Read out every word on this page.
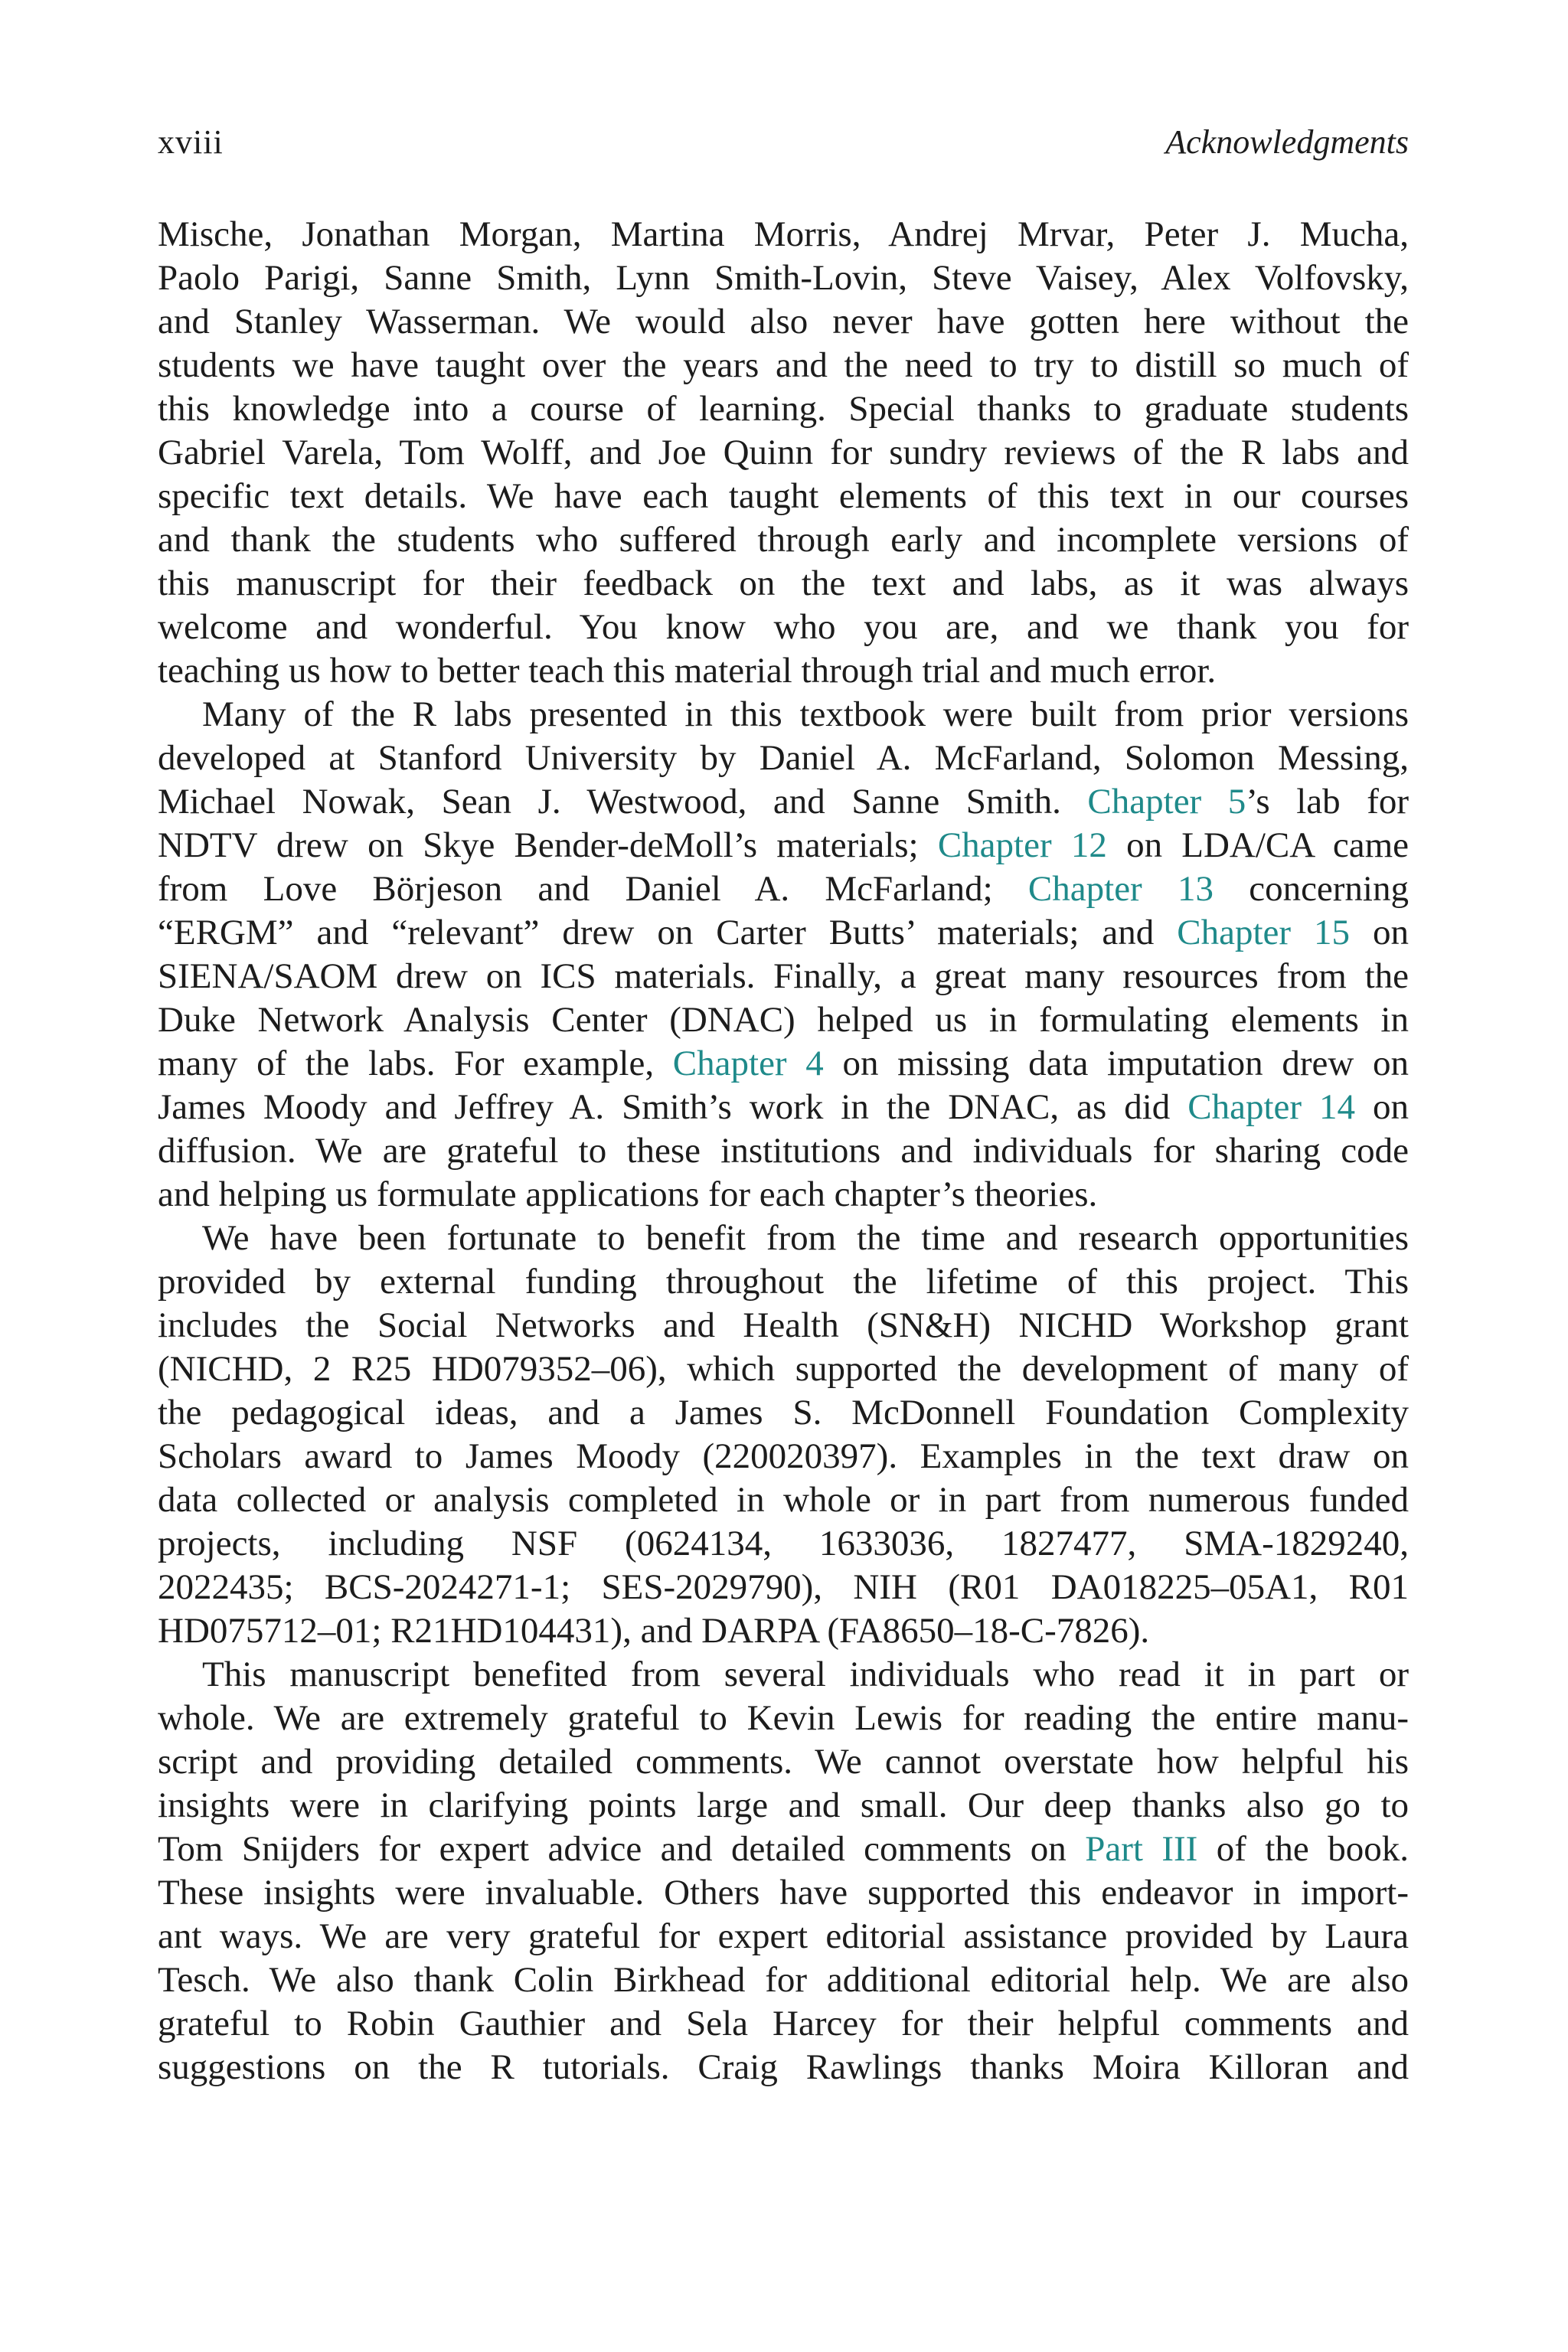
xviii	Acknowledgments

Mische, Jonathan Morgan, Martina Morris, Andrej Mrvar, Peter J. Mucha,
Paolo Parigi, Sanne Smith, Lynn Smith-Lovin, Steve Vaisey, Alex Volfovsky,
and Stanley Wasserman. We would also never have gotten here without the
students we have taught over the years and the need to try to distill so much of
this knowledge into a course of learning. Special thanks to graduate students
Gabriel Varela, Tom Wolff, and Joe Quinn for sundry reviews of the R labs and
specific text details. We have each taught elements of this text in our courses
and thank the students who suffered through early and incomplete versions of
this manuscript for their feedback on the text and labs, as it was always
welcome and wonderful. You know who you are, and we thank you for
teaching us how to better teach this material through trial and much error.

Many of the R labs presented in this textbook were built from prior versions
developed at Stanford University by Daniel A. McFarland, Solomon Messing,
Michael Nowak, Sean J. Westwood, and Sanne Smith. Chapter 5’s lab for
NDTV drew on Skye Bender-deMoll’s materials; Chapter 12 on LDA/CA came
from Love Börjeson and Daniel A. McFarland; Chapter 13 concerning
“ERGM” and “relevant” drew on Carter Butts’ materials; and Chapter 15 on
SIENA/SAOM drew on ICS materials. Finally, a great many resources from the
Duke Network Analysis Center (DNAC) helped us in formulating elements in
many of the labs. For example, Chapter 4 on missing data imputation drew on
James Moody and Jeffrey A. Smith’s work in the DNAC, as did Chapter 14 on
diffusion. We are grateful to these institutions and individuals for sharing code
and helping us formulate applications for each chapter’s theories.

We have been fortunate to benefit from the time and research opportunities
provided by external funding throughout the lifetime of this project. This
includes the Social Networks and Health (SN&H) NICHD Workshop grant
(NICHD, 2 R25 HD079352–06), which supported the development of many of
the pedagogical ideas, and a James S. McDonnell Foundation Complexity
Scholars award to James Moody (220020397). Examples in the text draw on
data collected or analysis completed in whole or in part from numerous funded
projects, including NSF (0624134, 1633036, 1827477, SMA-1829240,
2022435; BCS-2024271-1; SES-2029790), NIH (R01 DA018225–05A1, R01
HD075712–01; R21HD104431), and DARPA (FA8650–18-C-7826).

This manuscript benefited from several individuals who read it in part or
whole. We are extremely grateful to Kevin Lewis for reading the entire manu-
script and providing detailed comments. We cannot overstate how helpful his
insights were in clarifying points large and small. Our deep thanks also go to
Tom Snijders for expert advice and detailed comments on Part III of the book.
These insights were invaluable. Others have supported this endeavor in import-
ant ways. We are very grateful for expert editorial assistance provided by Laura
Tesch. We also thank Colin Birkhead for additional editorial help. We are also
grateful to Robin Gauthier and Sela Harcey for their helpful comments and
suggestions on the R tutorials. Craig Rawlings thanks Moira Killoran and
